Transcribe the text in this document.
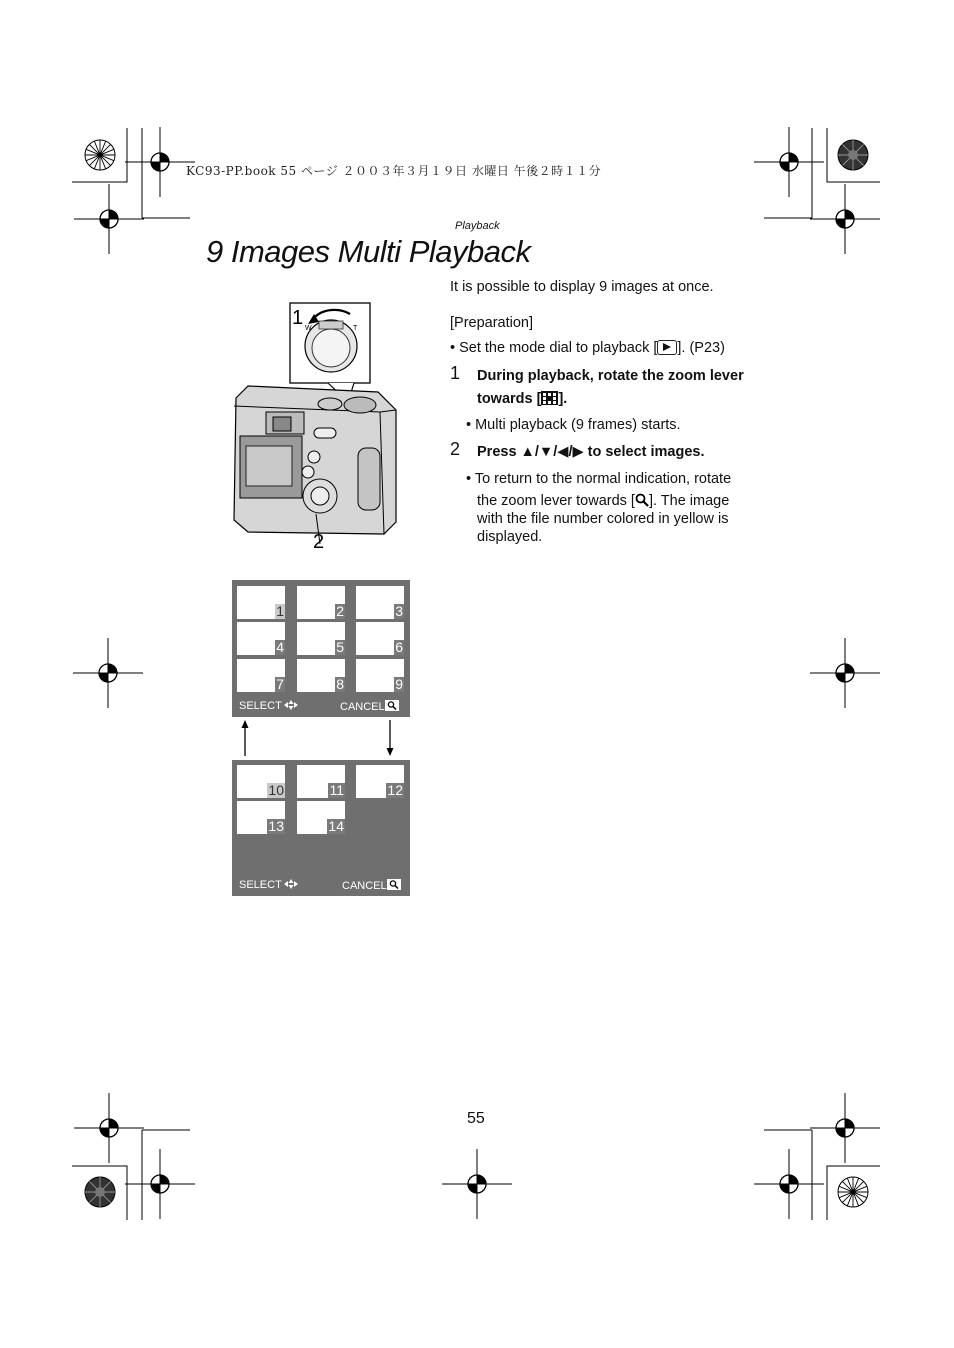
KC93-PP.book 55 ページ ２００３年３月１９日 水曜日 午後２時１１分
Playback
9 Images Multi Playback
1 W	T
2
It is possible to display 9 images at once.
[Preparation]
• Set the mode dial to playback [ ]. (P23)
1	During playback, rotate the zoom lever
towards [ ].
• Multi playback (9 frames) starts.
2	Press ▲/▼/◀/▶ to select images.
• To return to the normal indication, rotate
the zoom lever towards [ ]. The image
with the file number colored in yellow is displayed.
1	2	3
4	5	6
7	8	9
SELECT	CANCEL
10	11	12
13	14
SELECT	CANCEL
55
